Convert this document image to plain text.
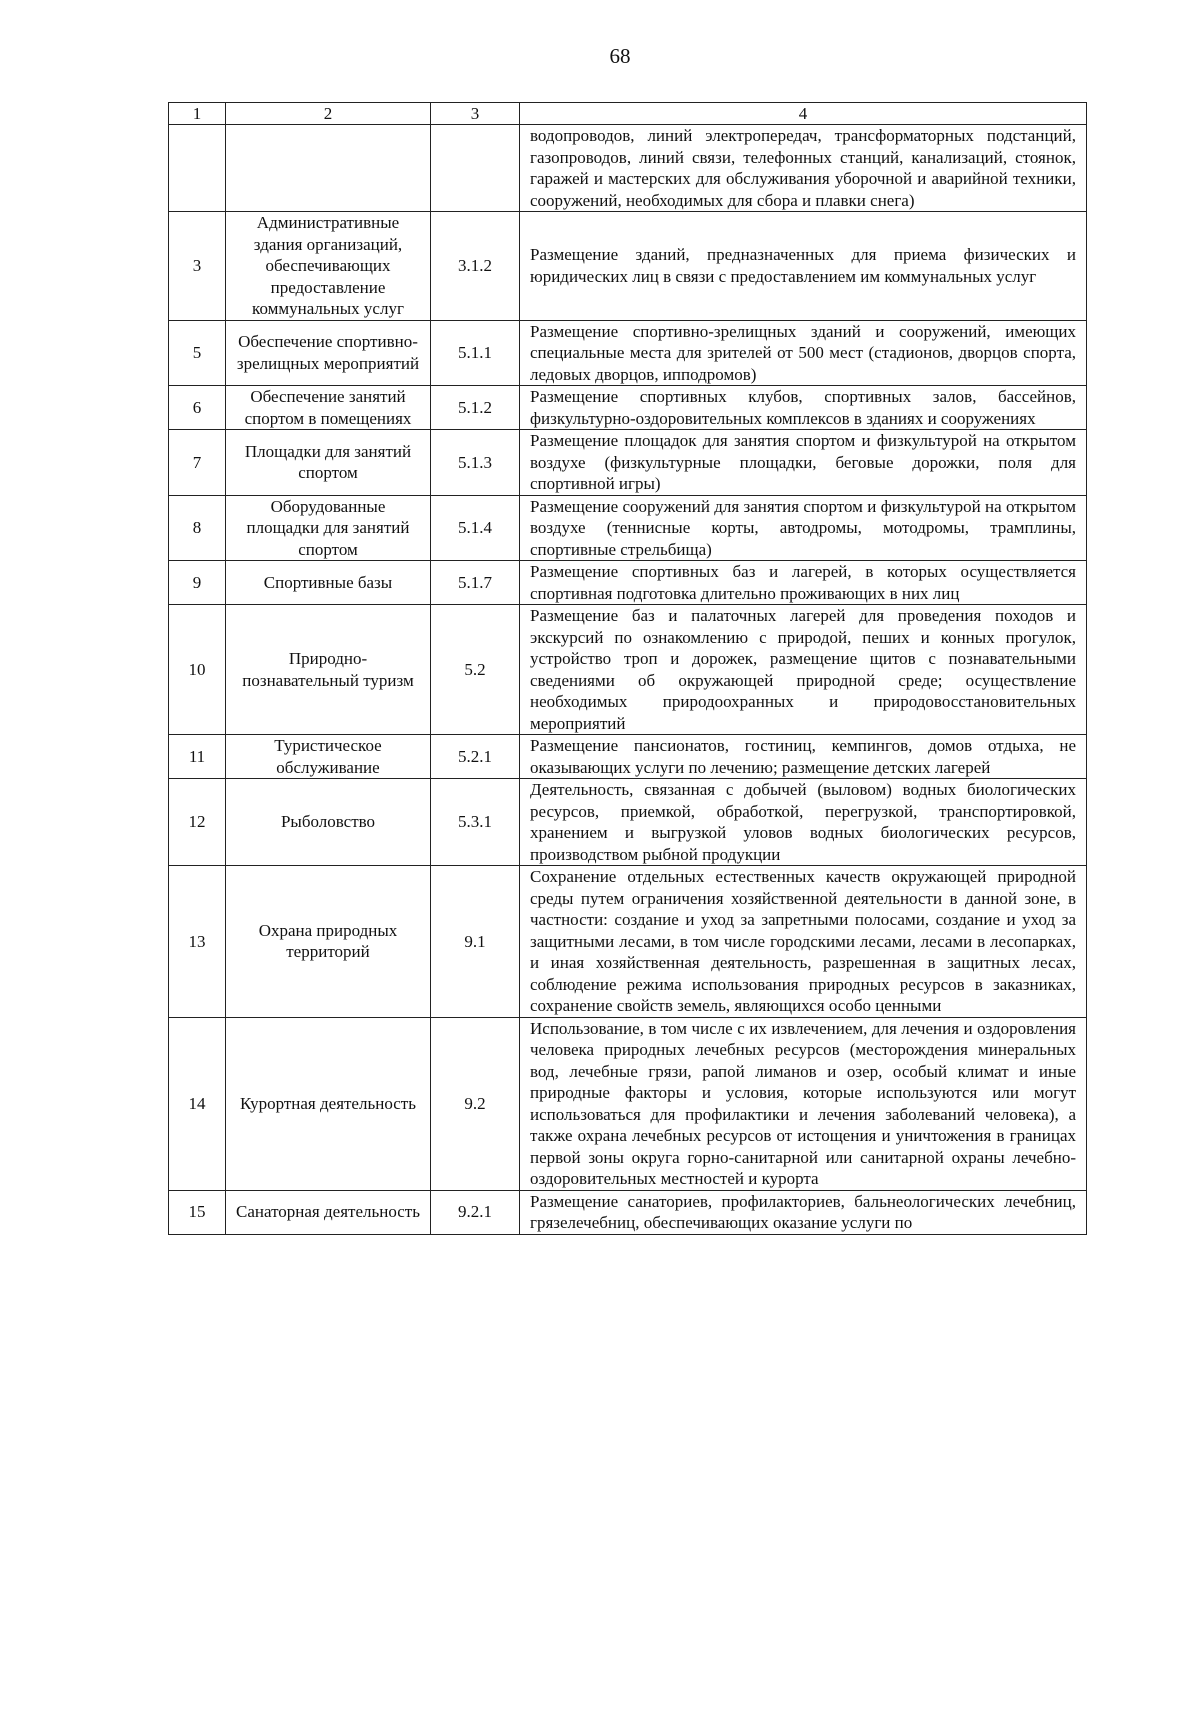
68
1	2	3	4
			водопроводов, линий электропередач, трансформаторных подстанций, газопроводов, линий связи, телефонных станций, канализаций, стоянок, гаражей и мастерских для обслуживания уборочной и аварийной техники, сооружений, необходимых для сбора и плавки снега)
3	Административные здания организаций, обеспечивающих предоставление коммунальных услуг	3.1.2	Размещение зданий, предназначенных для приема физических и юридических лиц в связи с предоставлением им коммунальных услуг
5	Обеспечение спортивно-зрелищных мероприятий	5.1.1	Размещение спортивно-зрелищных зданий и сооружений, имеющих специальные места для зрителей от 500 мест (стадионов, дворцов спорта, ледовых дворцов, ипподромов)
6	Обеспечение занятий спортом в помещениях	5.1.2	Размещение спортивных клубов, спортивных залов, бассейнов, физкультурно-оздоровительных комплексов в зданиях и сооружениях
7	Площадки для занятий спортом	5.1.3	Размещение площадок для занятия спортом и физкультурой на открытом воздухе (физкультурные площадки, беговые дорожки, поля для спортивной игры)
8	Оборудованные площадки для занятий спортом	5.1.4	Размещение сооружений для занятия спортом и физкультурой на открытом воздухе (теннисные корты, автодромы, мотодромы, трамплины, спортивные стрельбища)
9	Спортивные базы	5.1.7	Размещение спортивных баз и лагерей, в которых осуществляется спортивная подготовка длительно проживающих в них лиц
10	Природно-познавательный туризм	5.2	Размещение баз и палаточных лагерей для проведения походов и экскурсий по ознакомлению с природой, пеших и конных прогулок, устройство троп и дорожек, размещение щитов с познавательными сведениями об окружающей природной среде; осуществление необходимых природоохранных и природовосстановительных мероприятий
11	Туристическое обслуживание	5.2.1	Размещение пансионатов, гостиниц, кемпингов, домов отдыха, не оказывающих услуги по лечению; размещение детских лагерей
12	Рыболовство	5.3.1	Деятельность, связанная с добычей (выловом) водных биологических ресурсов, приемкой, обработкой, перегрузкой, транспортировкой, хранением и выгрузкой уловов водных биологических ресурсов, производством рыбной продукции
13	Охрана природных территорий	9.1	Сохранение отдельных естественных качеств окружающей природной среды путем ограничения хозяйственной деятельности в данной зоне, в частности: создание и уход за запретными полосами, создание и уход за защитными лесами, в том числе городскими лесами, лесами в лесопарках, и иная хозяйственная деятельность, разрешенная в защитных лесах, соблюдение режима использования природных ресурсов в заказниках, сохранение свойств земель, являющихся особо ценными
14	Курортная деятельность	9.2	Использование, в том числе с их извлечением, для лечения и оздоровления человека природных лечебных ресурсов (месторождения минеральных вод, лечебные грязи, рапой лиманов и озер, особый климат и иные природные факторы и условия, которые используются или могут использоваться для профилактики и лечения заболеваний человека), а также охрана лечебных ресурсов от истощения и уничтожения в границах первой зоны округа горно-санитарной или санитарной охраны лечебно-оздоровительных местностей и курорта
15	Санаторная деятельность	9.2.1	Размещение санаториев, профилакториев, бальнеологических лечебниц, грязелечебниц, обеспечивающих оказание услуги по
